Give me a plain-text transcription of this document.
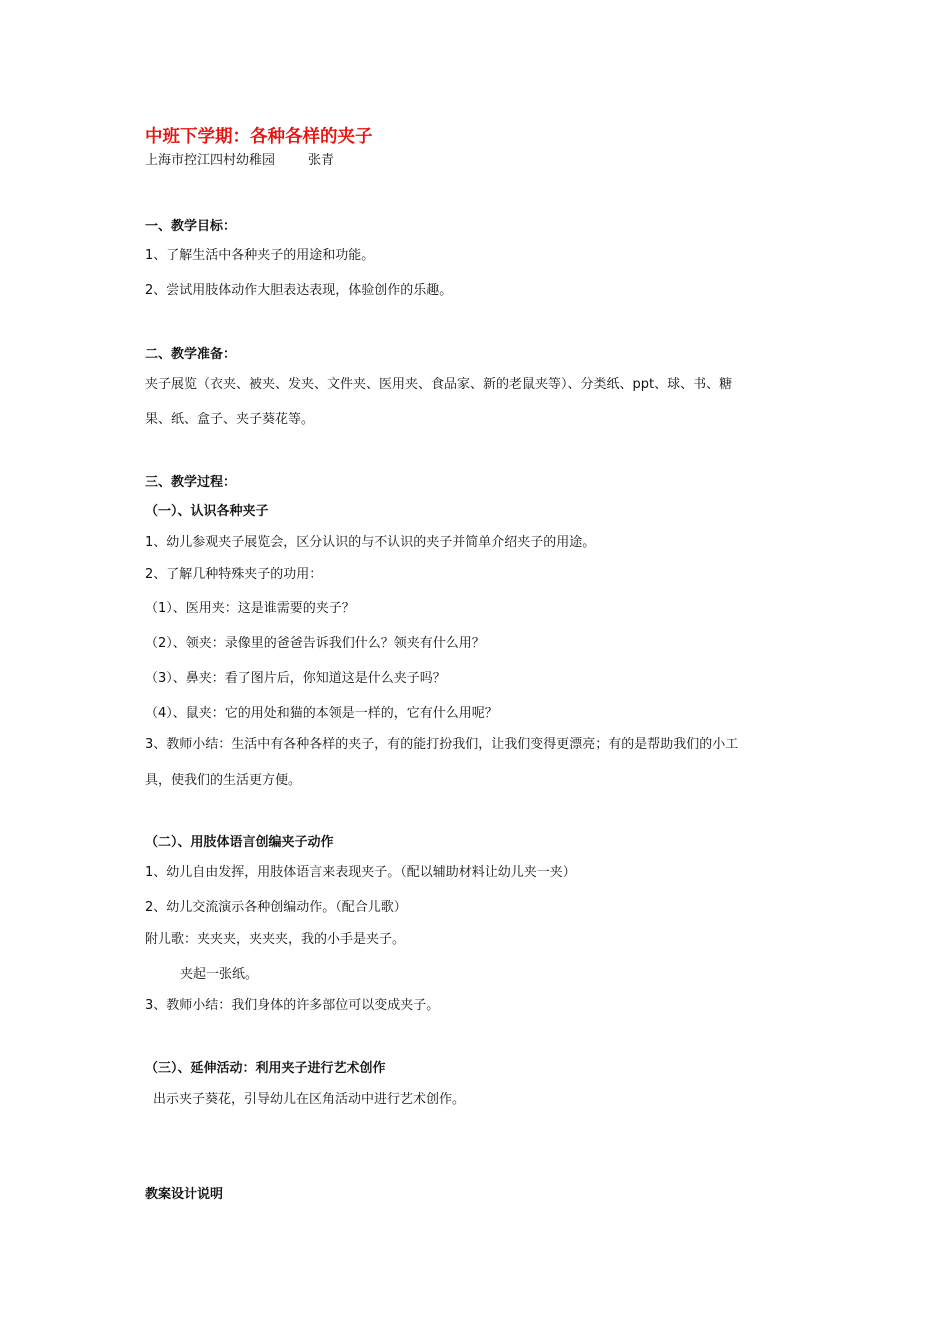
中班下学期：各种各样的夹子
上海市控江四村幼稚园        张青
一、教学目标：
1、了解生活中各种夹子的用途和功能。
2、尝试用肢体动作大胆表达表现，体验创作的乐趣。
二、教学准备：
夹子展览（衣夹、被夹、发夹、文件夹、医用夹、食品家、新的老鼠夹等）、分类纸、ppt、球、书、糖
果、纸、盒子、夹子葵花等。
三、教学过程：
（一）、认识各种夹子
1、幼儿参观夹子展览会，区分认识的与不认识的夹子并简单介绍夹子的用途。
2、了解几种特殊夹子的功用：
（1）、医用夹：这是谁需要的夹子？
（2）、领夹：录像里的爸爸告诉我们什么？领夹有什么用？
（3）、鼻夹：看了图片后，你知道这是什么夹子吗？
（4）、鼠夹：它的用处和猫的本领是一样的，它有什么用呢？
3、教师小结：生活中有各种各样的夹子，有的能打扮我们，让我们变得更漂亮；有的是帮助我们的小工
具，使我们的生活更方便。
（二）、用肢体语言创编夹子动作
1、幼儿自由发挥，用肢体语言来表现夹子。（配以辅助材料让幼儿夹一夹）
2、幼儿交流演示各种创编动作。（配合儿歌）
附儿歌：夹夹夹，夹夹夹，我的小手是夹子。
夹起一张纸。
3、教师小结：我们身体的许多部位可以变成夹子。
（三）、延伸活动：利用夹子进行艺术创作
出示夹子葵花，引导幼儿在区角活动中进行艺术创作。
教案设计说明
